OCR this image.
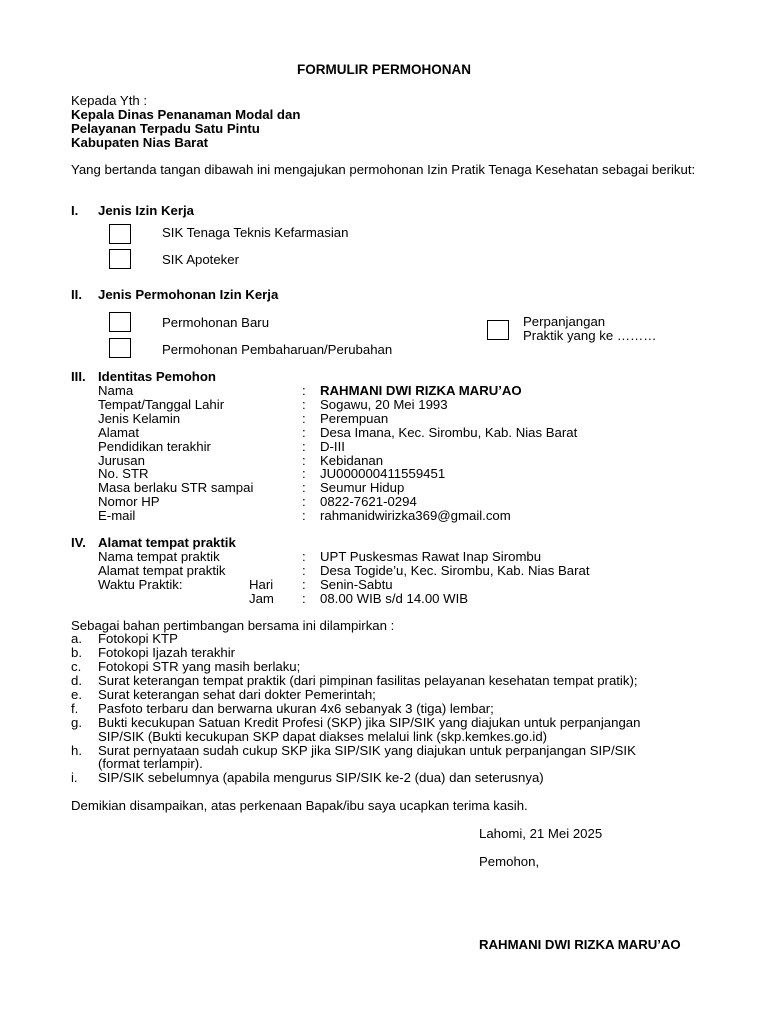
FORMULIR PERMOHONAN
Kepada Yth :
Kepala Dinas Penanaman Modal dan
Pelayanan Terpadu Satu Pintu
Kabupaten Nias Barat
Yang bertanda tangan dibawah ini mengajukan permohonan Izin Pratik Tenaga Kesehatan sebagai berikut:
I. Jenis Izin Kerja
SIK Tenaga Teknis Kefarmasian
SIK Apoteker
II. Jenis Permohonan Izin Kerja
Permohonan Baru
Permohonan Pembaharuan/Perubahan
Perpanjangan
Praktik yang ke ………
III. Identitas Pemohon
Nama	: RAHMANI DWI RIZKA MARU’AO
Tempat/Tanggal Lahir	: Sogawu, 20 Mei 1993
Jenis Kelamin	: Perempuan
Alamat	: Desa Imana, Kec. Sirombu, Kab. Nias Barat
Pendidikan terakhir	: D-III
Jurusan	: Kebidanan
No. STR	: JU000000411559451
Masa berlaku STR sampai	: Seumur Hidup
Nomor HP	: 0822-7621-0294
E-mail	: rahmanidwirizka369@gmail.com
IV. Alamat tempat praktik
Nama tempat praktik	: UPT Puskesmas Rawat Inap Sirombu
Alamat tempat praktik	: Desa Togide’u, Kec. Sirombu, Kab. Nias Barat
Waktu Praktik:	Hari : Senin-Sabtu
Jam : 08.00 WIB s/d 14.00 WIB
Sebagai bahan pertimbangan bersama ini dilampirkan :
a. Fotokopi KTP
b. Fotokopi Ijazah terakhir
c. Fotokopi STR yang masih berlaku;
d. Surat keterangan tempat praktik (dari pimpinan fasilitas pelayanan kesehatan tempat pratik);
e. Surat keterangan sehat dari dokter Pemerintah;
f. Pasfoto terbaru dan berwarna ukuran 4x6 sebanyak 3 (tiga) lembar;
g. Bukti kecukupan Satuan Kredit Profesi (SKP) jika SIP/SIK yang diajukan untuk perpanjangan
SIP/SIK (Bukti kecukupan SKP dapat diakses melalui link (skp.kemkes.go.id)
h. Surat pernyataan sudah cukup SKP jika SIP/SIK yang diajukan untuk perpanjangan SIP/SIK
(format terlampir).
i. SIP/SIK sebelumnya (apabila mengurus SIP/SIK ke-2 (dua) dan seterusnya)
Demikian disampaikan, atas perkenaan Bapak/ibu saya ucapkan terima kasih.
Lahomi, 21 Mei 2025
Pemohon,
RAHMANI DWI RIZKA MARU’AO
